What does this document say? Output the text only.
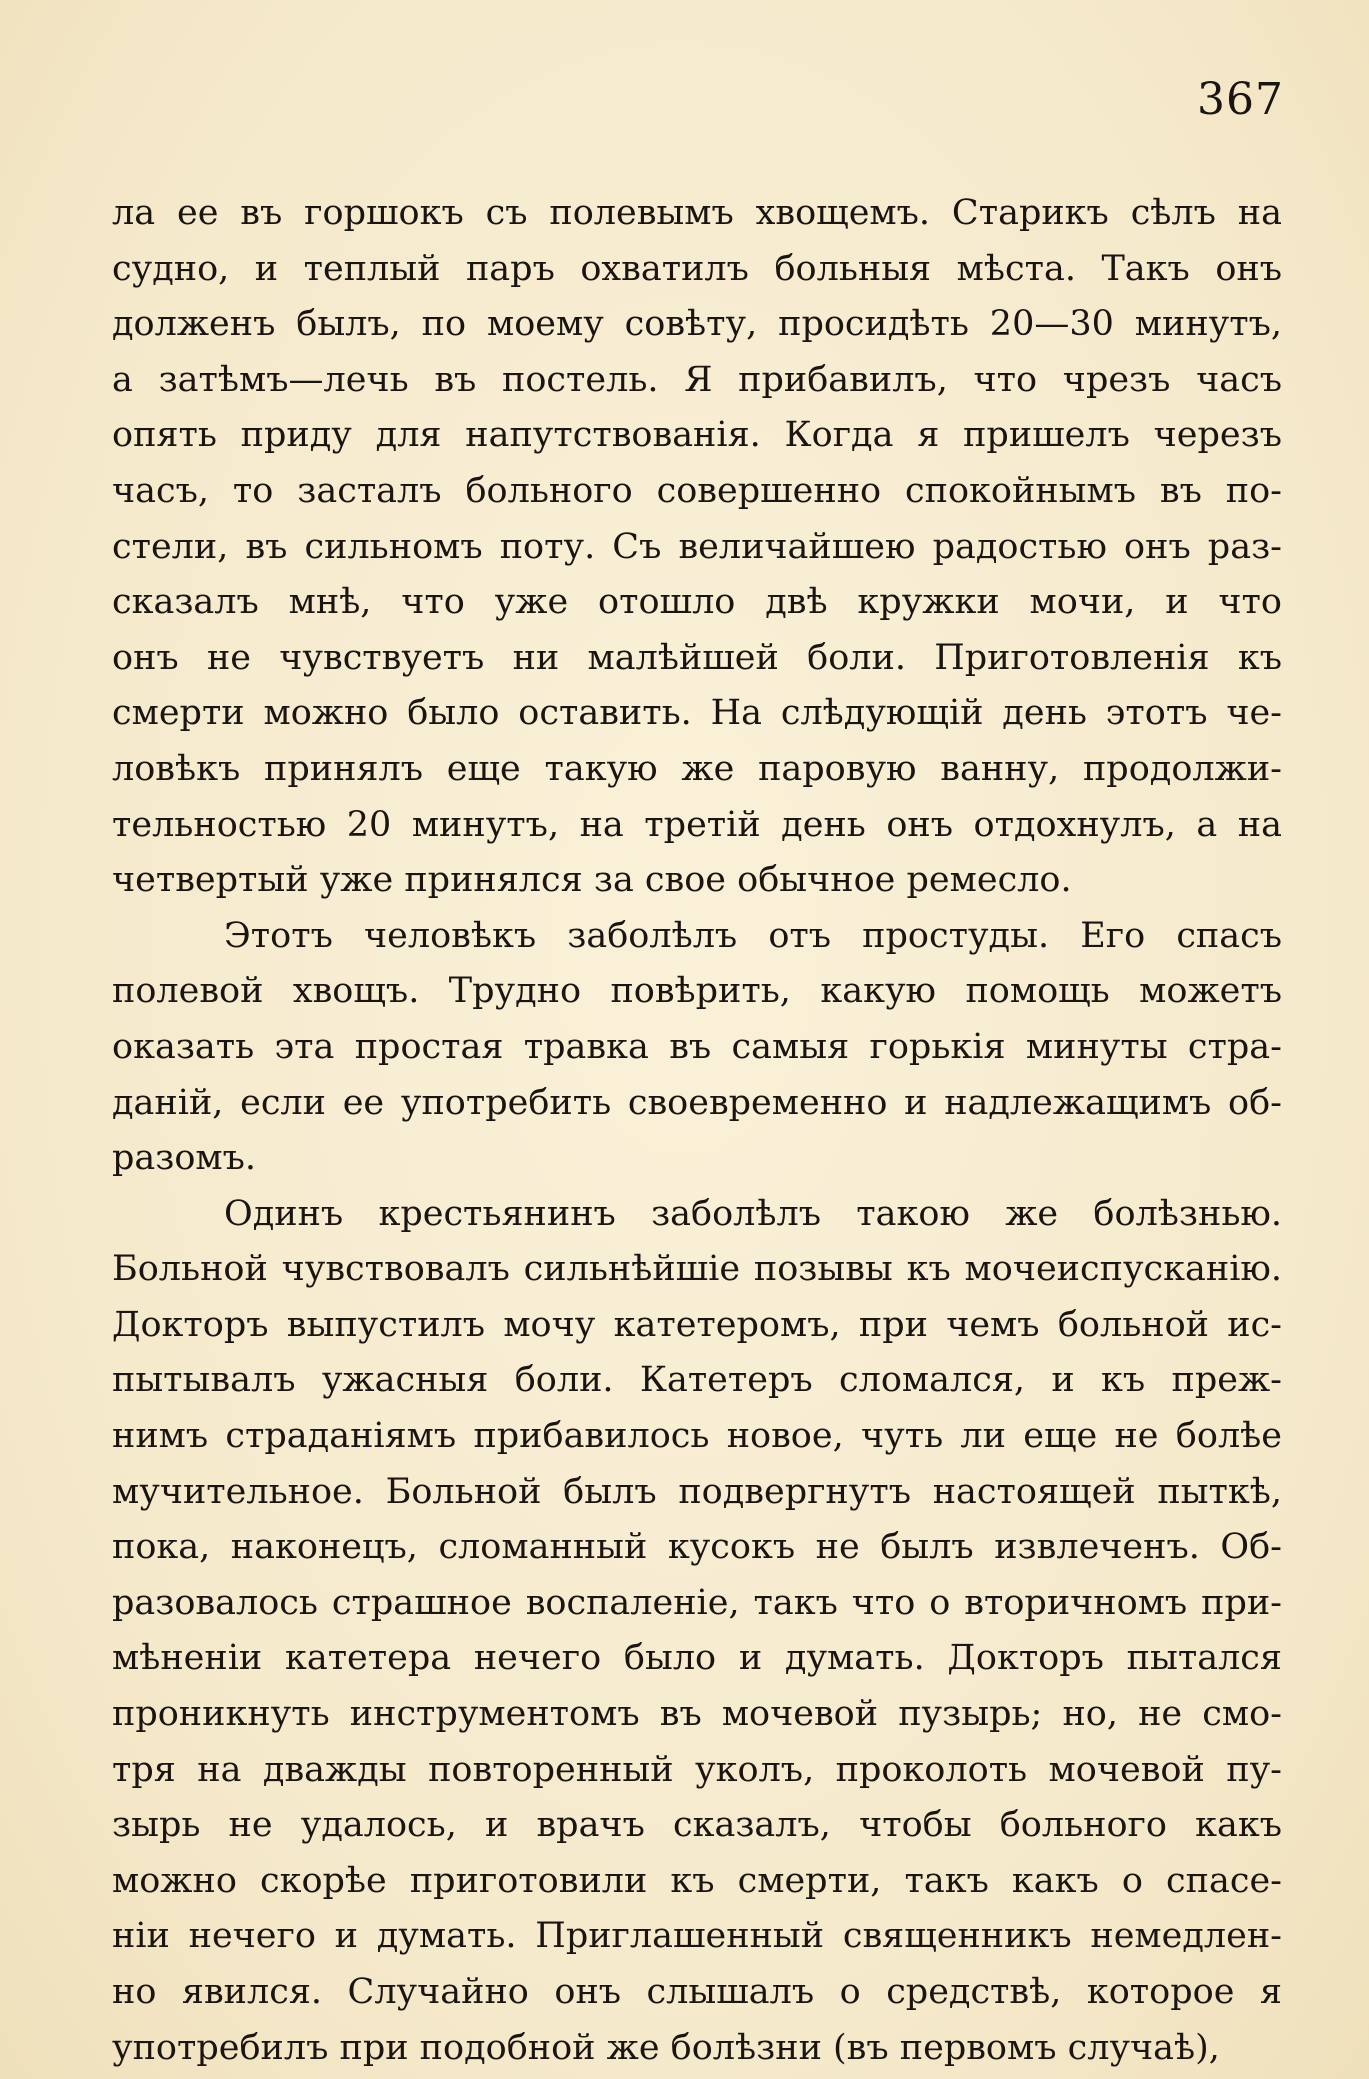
367
ла ее въ горшокъ съ полевымъ хвощемъ. Старикъ сѣлъ на
судно, и теплый паръ охватилъ больныя мѣста. Такъ онъ
долженъ былъ, по моему совѣту, просидѣть 20—30 минутъ,
а затѣмъ—лечь въ постель. Я прибавилъ, что чрезъ часъ
опять приду для напутствованія. Когда я пришелъ черезъ
часъ, то засталъ больного совершенно спокойнымъ въ по-
стели, въ сильномъ поту. Съ величайшею радостью онъ раз-
сказалъ мнѣ, что уже отошло двѣ кружки мочи, и что
онъ не чувствуетъ ни малѣйшей боли. Приготовленія къ
смерти можно было оставить. На слѣдующій день этотъ че-
ловѣкъ принялъ еще такую же паровую ванну, продолжи-
тельностью 20 минутъ, на третій день онъ отдохнулъ, а на
четвертый уже принялся за свое обычное ремесло.
Этотъ человѣкъ заболѣлъ отъ простуды. Его спасъ
полевой хвощъ. Трудно повѣрить, какую помощь можетъ
оказать эта простая травка въ самыя горькія минуты стра-
даній, если ее употребить своевременно и надлежащимъ об-
разомъ.
Одинъ крестьянинъ заболѣлъ такою же болѣзнью.
Больной чувствовалъ сильнѣйшіе позывы къ мочеиспусканію.
Докторъ выпустилъ мочу катетеромъ, при чемъ больной ис-
пытывалъ ужасныя боли. Катетеръ сломался, и къ преж-
нимъ страданіямъ прибавилось новое, чуть ли еще не болѣе
мучительное. Больной былъ подвергнутъ настоящей пыткѣ,
пока, наконецъ, сломанный кусокъ не былъ извлеченъ. Об-
разовалось страшное воспаленіе, такъ что о вторичномъ при-
мѣненіи катетера нечего было и думать. Докторъ пытался
проникнуть инструментомъ въ мочевой пузырь; но, не смо-
тря на дважды повторенный уколъ, проколоть мочевой пу-
зырь не удалось, и врачъ сказалъ, чтобы больного какъ
можно скорѣе приготовили къ смерти, такъ какъ о спасе-
ніи нечего и думать. Приглашенный священникъ немедлен-
но явился. Случайно онъ слышалъ о средствѣ, которое я
употребилъ при подобной же болѣзни (въ первомъ случаѣ),
